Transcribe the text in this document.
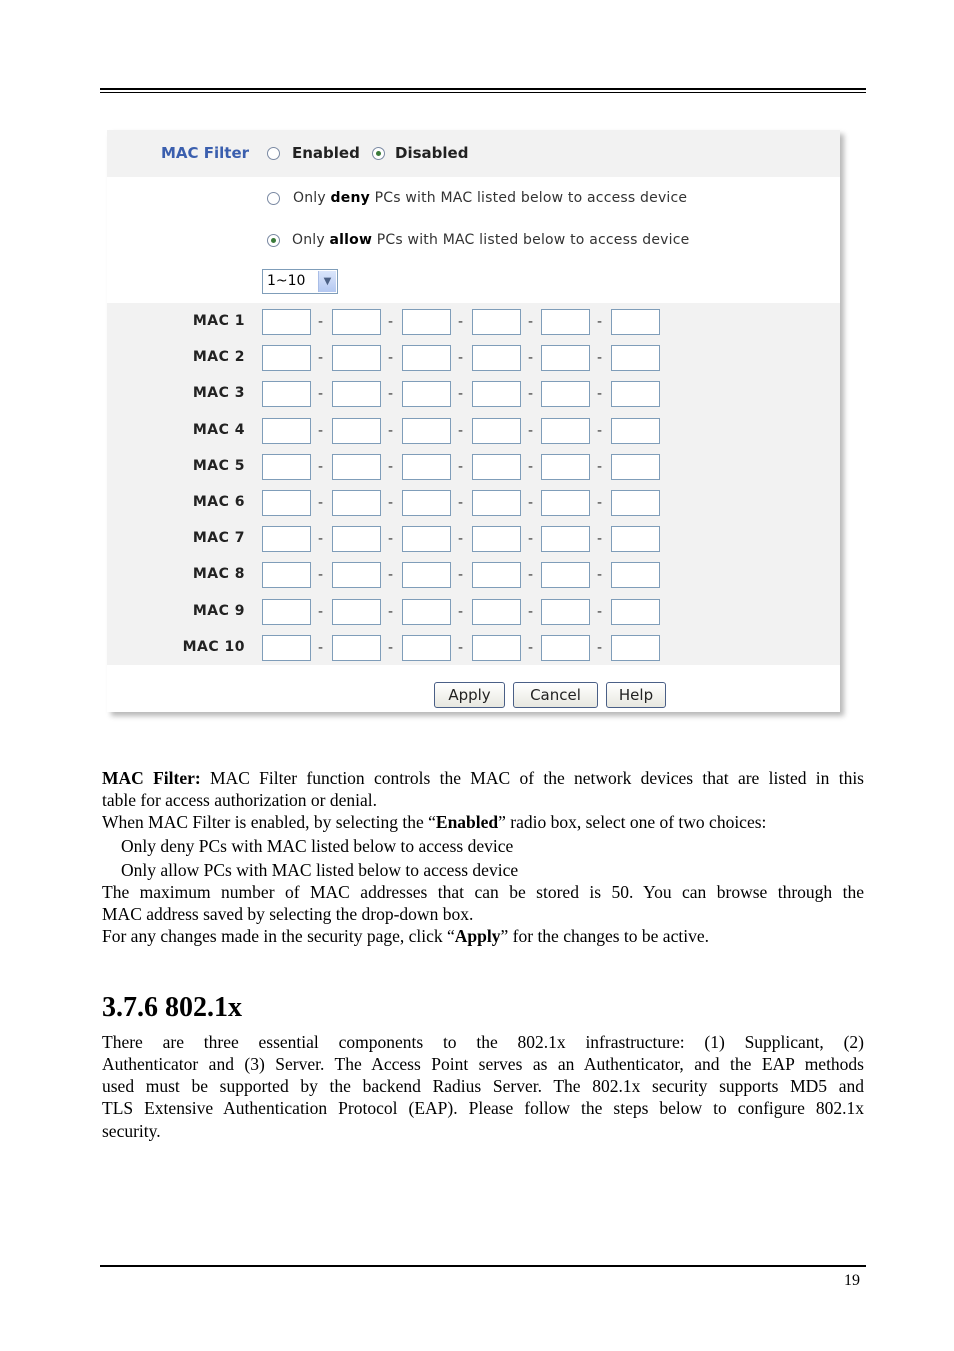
MAC Filter	Enabled Disabled
Only deny PCs with MAC listed below to access device
Only allow PCs with MAC listed below to access device
1~10	▼
MAC 1	-	-	-	-	-
MAC 2	-	-	-	-	-
MAC 3	-	-	-	-	-
MAC 4	-	-	-	-	-
MAC 5	-	-	-	-	-
MAC 6	-	-	-	-	-
MAC 7	-	-	-	-	-
MAC 8	-	-	-	-	-
MAC 9	-	-	-	-	-
MAC 10	-	-	-	-	-
Apply	Cancel	Help
MAC Filter: MAC Filter function controls the MAC of the network devices that are listed in this
table for access authorization or denial.
When MAC Filter is enabled, by selecting the “Enabled” radio box, select one of two choices:
Only deny PCs with MAC listed below to access device
Only allow PCs with MAC listed below to access device
The maximum number of MAC addresses that can be stored is 50. You can browse through the
MAC address saved by selecting the drop-down box.
For any changes made in the security page, click “Apply” for the changes to be active.
3.7.6 802.1x
There are three essential components to the 802.1x infrastructure: (1) Supplicant, (2)
Authenticator and (3) Server. The Access Point serves as an Authenticator, and the EAP methods
used must be supported by the backend Radius Server. The 802.1x security supports MD5 and
TLS Extensive Authentication Protocol (EAP). Please follow the steps below to configure 802.1x
security.
19
